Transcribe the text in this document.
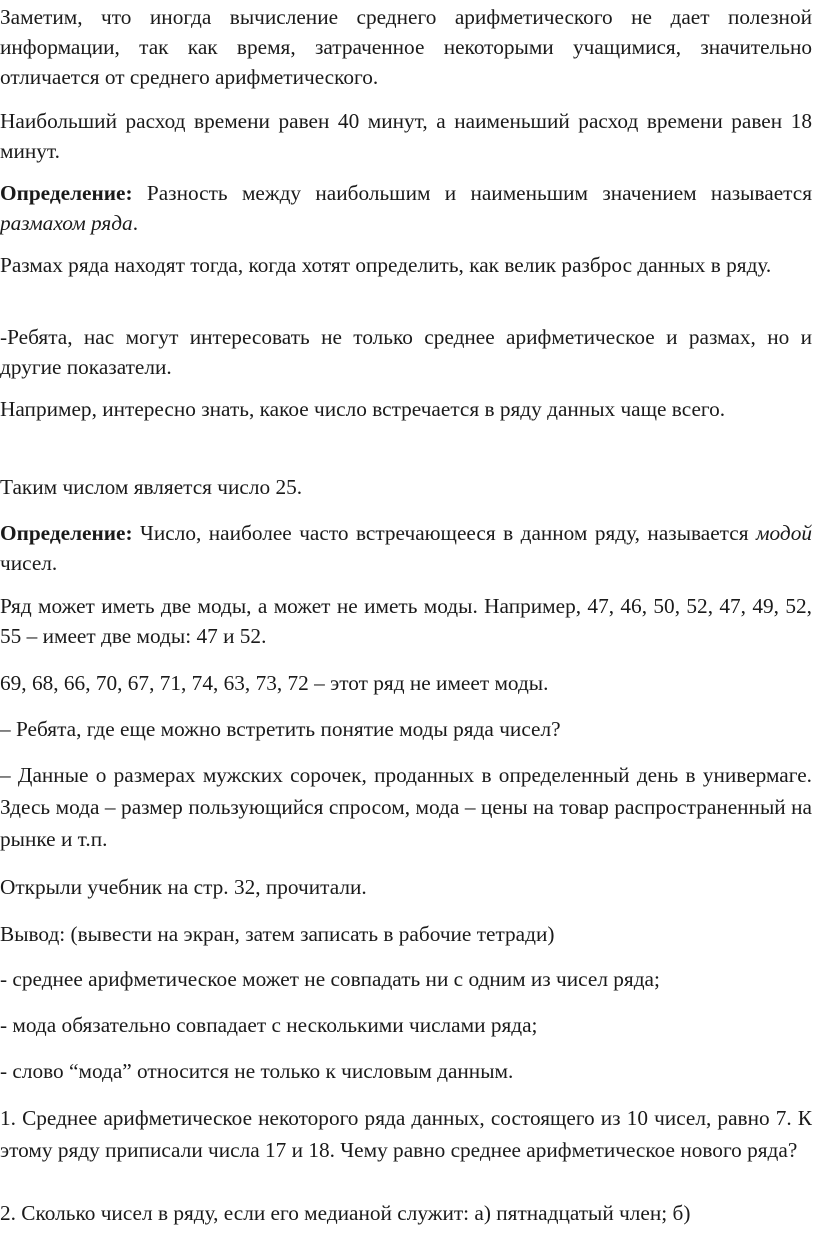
Заметим, что иногда вычисление среднего арифметического не дает полезной информации, так как время, затраченное некоторыми учащимися, значительно отличается от среднего арифметического.

Наибольший расход времени равен 40 минут, а наименьший расход времени равен 18 минут.

Определение: Разность между наибольшим и наименьшим значением называется размахом ряда.

Размах ряда находят тогда, когда хотят определить, как велик разброс данных в ряду.

-Ребята, нас могут интересовать не только среднее арифметическое и размах, но и другие показатели.

Например, интересно знать, какое число встречается в ряду данных чаще всего.

Таким числом является число 25.

Определение: Число, наиболее часто встречающееся в данном ряду, называется модой чисел.

Ряд может иметь две моды, а может не иметь моды. Например, 47, 46, 50, 52, 47, 49, 52, 55 – имеет две моды: 47 и 52.

69, 68, 66, 70, 67, 71, 74, 63, 73, 72 – этот ряд не имеет моды.

– Ребята, где еще можно встретить понятие моды ряда чисел?

– Данные о размерах мужских сорочек, проданных в определенный день в универмаге. Здесь мода – размер пользующийся спросом, мода – цены на товар распространенный на рынке и т.п.

Открыли учебник на стр. 32, прочитали.

Вывод: (вывести на экран, затем записать в рабочие тетради)

- среднее арифметическое может не совпадать ни с одним из чисел ряда;

- мода обязательно совпадает с несколькими числами ряда;

- слово “мода” относится не только к числовым данным.

1. Среднее арифметическое некоторого ряда данных, состоящего из 10 чисел, равно 7. К этому ряду приписали числа 17 и 18. Чему равно среднее арифметическое нового ряда?

2. Сколько чисел в ряду, если его медианой служит: а) пятнадцатый член; б)
